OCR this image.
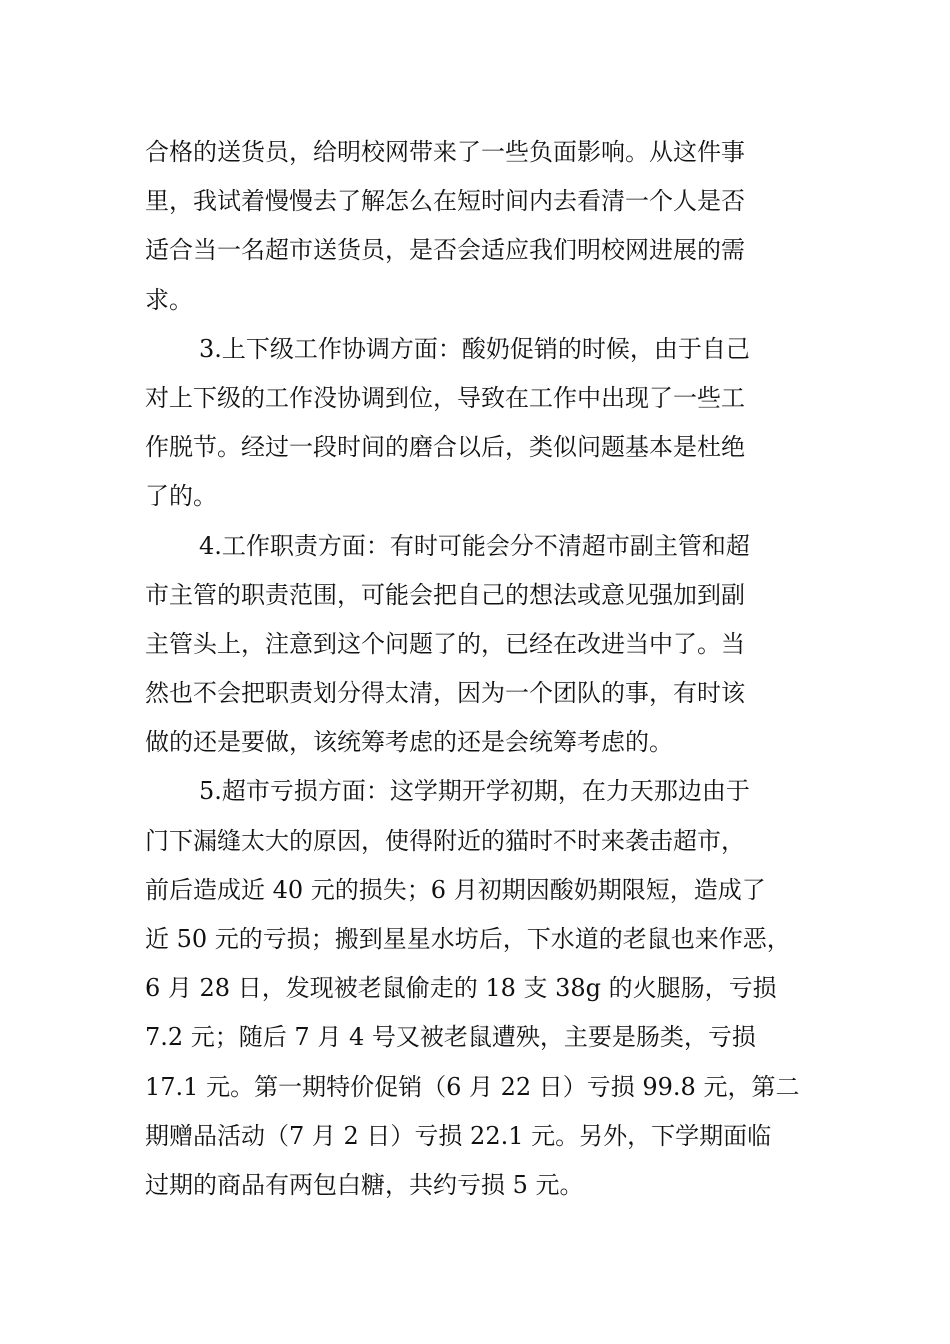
合格的送货员，给明校网带来了一些负面影响。从这件事
里，我试着慢慢去了解怎么在短时间内去看清一个人是否
适合当一名超市送货员，是否会适应我们明校网进展的需
求。
3.上下级工作协调方面：酸奶促销的时候，由于自己
对上下级的工作没协调到位，导致在工作中出现了一些工
作脱节。经过一段时间的磨合以后，类似问题基本是杜绝
了的。
4.工作职责方面：有时可能会分不清超市副主管和超
市主管的职责范围，可能会把自己的想法或意见强加到副
主管头上，注意到这个问题了的，已经在改进当中了。当
然也不会把职责划分得太清，因为一个团队的事，有时该
做的还是要做，该统筹考虑的还是会统筹考虑的。
5.超市亏损方面：这学期开学初期，在力天那边由于
门下漏缝太大的原因，使得附近的猫时不时来袭击超市，
前后造成近 40 元的损失；6 月初期因酸奶期限短，造成了
近 50 元的亏损；搬到星星水坊后，下水道的老鼠也来作恶，
6 月 28 日，发现被老鼠偷走的 18 支 38g 的火腿肠，亏损
7.2 元；随后 7 月 4 号又被老鼠遭殃，主要是肠类，亏损
17.1 元。第一期特价促销（6 月 22 日）亏损 99.8 元，第二
期赠品活动（7 月 2 日）亏损 22.1 元。另外，下学期面临
过期的商品有两包白糖，共约亏损 5 元。
